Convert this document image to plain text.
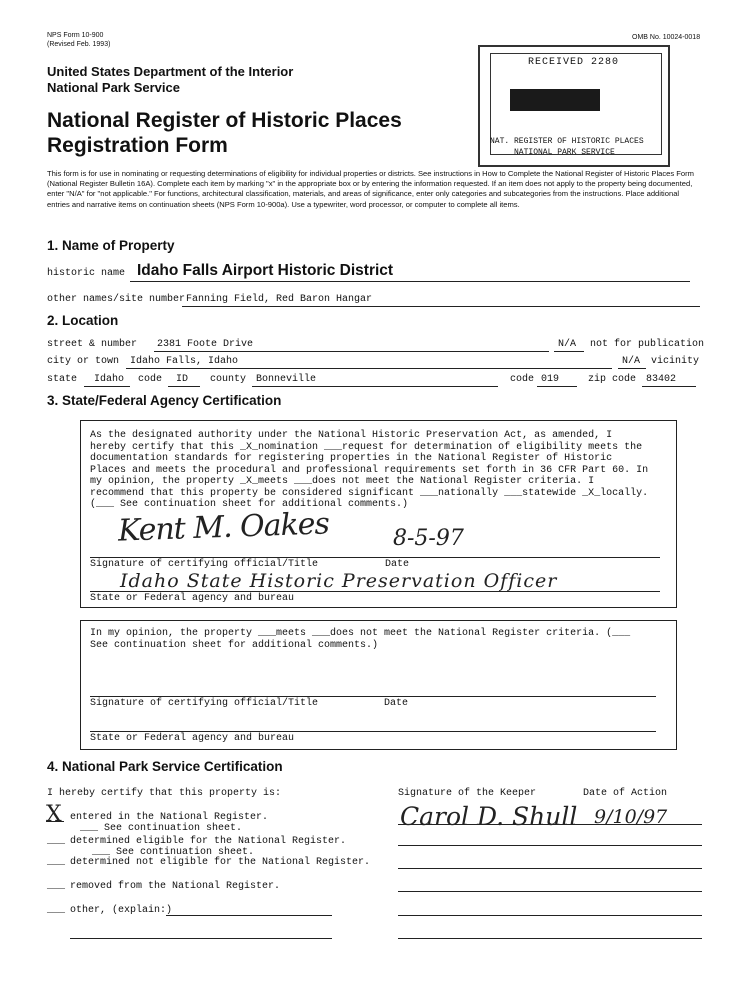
NPS Form 10-900
(Revised Feb. 1993)
OMB No. 10024-0018
United States Department of the Interior
National Park Service
National Register of Historic Places
Registration Form
RECEIVED 2280
NAT. REGISTER OF HISTORIC PLACES
NATIONAL PARK SERVICE
This form is for use in nominating or requesting determinations of eligibility for individual properties or districts. See instructions in How to Complete the National Register of Historic Places Form (National Register Bulletin 16A). Complete each item by marking "x" in the appropriate box or by entering the information requested. If an item does not apply to the property being documented, enter "N/A" for "not applicable." For functions, architectural classification, materials, and areas of significance, enter only categories and subcategories from the instructions. Place additional entries and narrative items on continuation sheets (NPS Form 10-900a). Use a typewriter, word processor, or computer to complete all items.
1. Name of Property
historic name Idaho Falls Airport Historic District
other names/site number Fanning Field, Red Baron Hangar
2. Location
street & number 2381 Foote Drive	N/A not for publication
city or town Idaho Falls, Idaho	N/A vicinity
state Idaho code ID county Bonneville	code 019	zip code 83402
3. State/Federal Agency Certification
As the designated authority under the National Historic Preservation Act, as amended, I hereby certify that this _X_nomination ___request for determination of eligibility meets the documentation standards for registering properties in the National Register of Historic Places and meets the procedural and professional requirements set forth in 36 CFR Part 60. In my opinion, the property _X_meets ___does not meet the National Register criteria. I recommend that this property be considered significant ___nationally ___statewide _X_locally. (___ See continuation sheet for additional comments.)
Kent M. Oakes	8-5-97
Signature of certifying official/Title	Date
Idaho State Historic Preservation Officer
State or Federal agency and bureau
In my opinion, the property ___meets ___does not meet the National Register criteria. (___ See continuation sheet for additional comments.)
Signature of certifying official/Title	Date
State or Federal agency and bureau
4. National Park Service Certification
I hereby certify that this property is:	Signature of the Keeper	Date of Action
X	Carol D. Shull 9/10/97
entered in the National Register.
___ See continuation sheet.
___ determined eligible for the National Register.
___ See continuation sheet.
___ determined not eligible for the National Register.
___ removed from the National Register.
___ other, (explain:)
